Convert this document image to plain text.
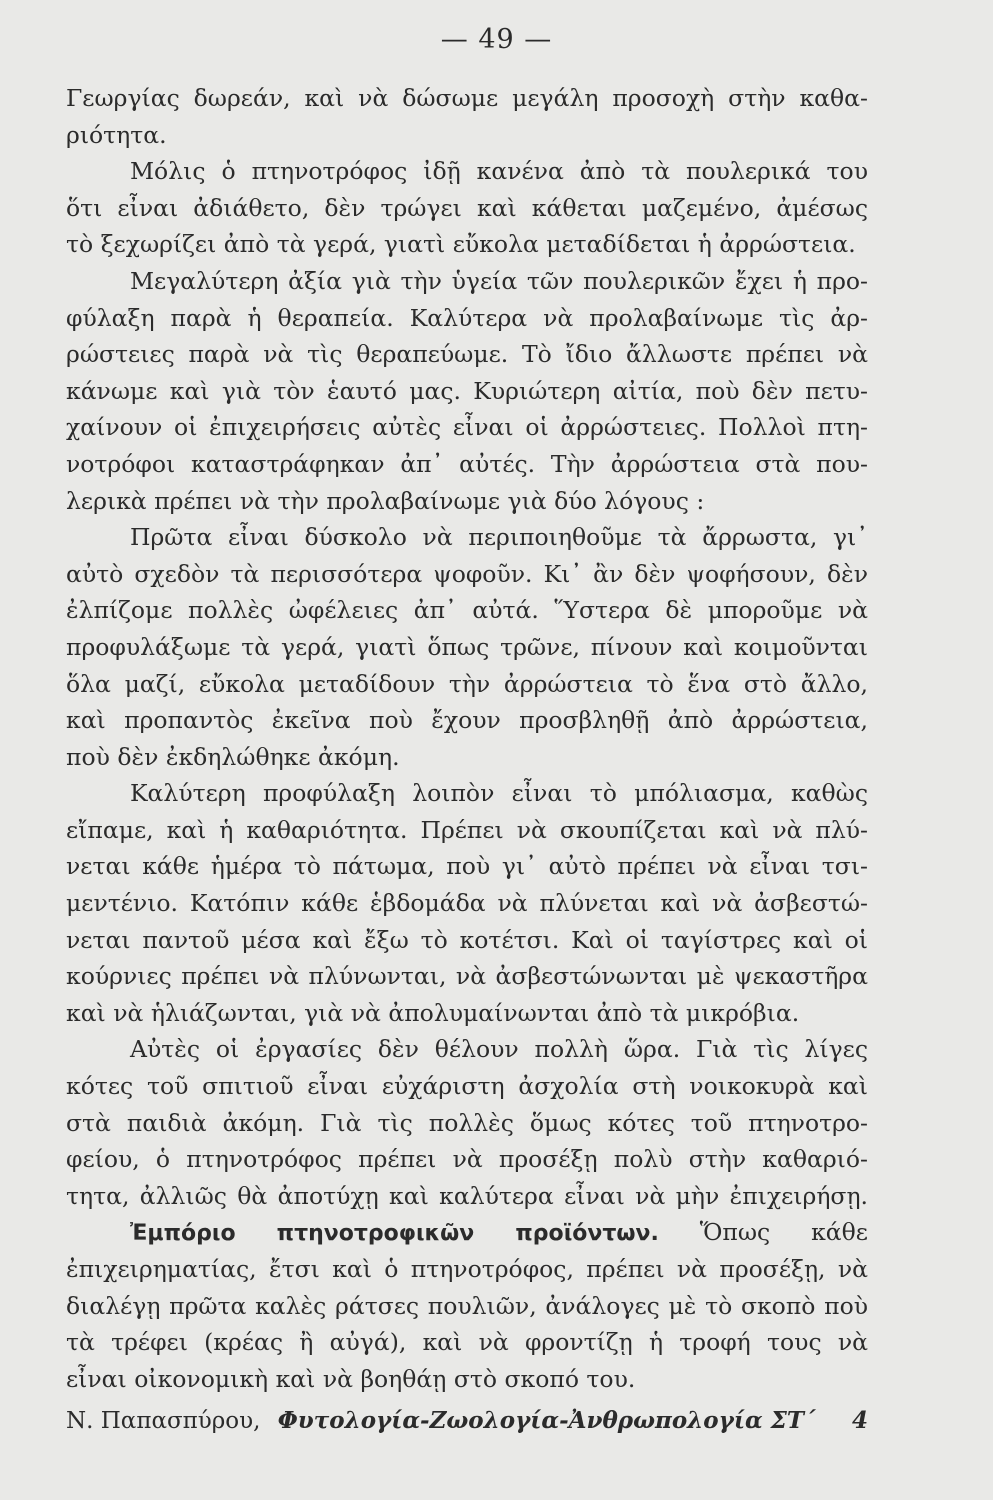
— 49 —
Γεωργίας δωρεάν, καὶ νὰ δώσωμε μεγάλη προσοχὴ στὴν καθα-
ριότητα.
Μόλις ὁ πτηνοτρόφος ἰδῇ κανένα ἀπὸ τὰ πουλερικά του
ὅτι εἶναι ἀδιάθετο, δὲν τρώγει καὶ κάθεται μαζεμένο, ἀμέσως
τὸ ξεχωρίζει ἀπὸ τὰ γερά, γιατὶ εὔκολα μεταδίδεται ἡ ἀρρώστεια.
Μεγαλύτερη ἀξία γιὰ τὴν ὑγεία τῶν πουλερικῶν ἔχει ἡ προ-
φύλαξη παρὰ ἡ θεραπεία. Καλύτερα νὰ προλαβαίνωμε τὶς ἀρ-
ρώστειες παρὰ νὰ τὶς θεραπεύωμε. Τὸ ἴδιο ἄλλωστε πρέπει νὰ
κάνωμε καὶ γιὰ τὸν ἑαυτό μας. Κυριώτερη αἰτία, ποὺ δὲν πετυ-
χαίνουν οἱ ἐπιχειρήσεις αὐτὲς εἶναι οἱ ἀρρώστειες. Πολλοὶ πτη-
νοτρόφοι καταστράφηκαν ἀπ᾿ αὐτές. Τὴν ἀρρώστεια στὰ που-
λερικὰ πρέπει νὰ τὴν προλαβαίνωμε γιὰ δύο λόγους :
Πρῶτα εἶναι δύσκολο νὰ περιποιηθοῦμε τὰ ἄρρωστα, γι᾿
αὐτὸ σχεδὸν τὰ περισσότερα ψοφοῦν. Κι᾿ ἂν δὲν ψοφήσουν, δὲν
ἐλπίζομε πολλὲς ὠφέλειες ἀπ᾿ αὐτά. Ὕστερα δὲ μποροῦμε νὰ
προφυλάξωμε τὰ γερά, γιατὶ ὅπως τρῶνε, πίνουν καὶ κοιμοῦνται
ὅλα μαζί, εὔκολα μεταδίδουν τὴν ἀρρώστεια τὸ ἕνα στὸ ἄλλο,
καὶ προπαντὸς ἐκεῖνα ποὺ ἔχουν προσβληθῇ ἀπὸ ἀρρώστεια,
ποὺ δὲν ἐκδηλώθηκε ἀκόμη.
Καλύτερη προφύλαξη λοιπὸν εἶναι τὸ μπόλιασμα, καθὼς
εἴπαμε, καὶ ἡ καθαριότητα. Πρέπει νὰ σκουπίζεται καὶ νὰ πλύ-
νεται κάθε ἡμέρα τὸ πάτωμα, ποὺ γι᾿ αὐτὸ πρέπει νὰ εἶναι τσι-
μεντένιο. Κατόπιν κάθε ἑβδομάδα νὰ πλύνεται καὶ νὰ ἀσβεστώ-
νεται παντοῦ μέσα καὶ ἔξω τὸ κοτέτσι. Καὶ οἱ ταγίστρες καὶ οἱ
κούρνιες πρέπει νὰ πλύνωνται, νὰ ἀσβεστώνωνται μὲ ψεκαστῆρα
καὶ νὰ ἡλιάζωνται, γιὰ νὰ ἀπολυμαίνωνται ἀπὸ τὰ μικρόβια.
Αὐτὲς οἱ ἐργασίες δὲν θέλουν πολλὴ ὥρα. Γιὰ τὶς λίγες
κότες τοῦ σπιτιοῦ εἶναι εὐχάριστη ἀσχολία στὴ νοικοκυρὰ καὶ
στὰ παιδιὰ ἀκόμη. Γιὰ τὶς πολλὲς ὅμως κότες τοῦ πτηνοτρο-
φείου, ὁ πτηνοτρόφος πρέπει νὰ προσέξῃ πολὺ στὴν καθαριό-
τητα, ἀλλιῶς θὰ ἀποτύχῃ καὶ καλύτερα εἶναι νὰ μὴν ἐπιχειρήσῃ.
Ἐμπόριο πτηνοτροφικῶν προϊόντων. Ὅπως κάθε
ἐπιχειρηματίας, ἔτσι καὶ ὁ πτηνοτρόφος, πρέπει νὰ προσέξῃ, νὰ
διαλέγῃ πρῶτα καλὲς ράτσες πουλιῶν, ἀνάλογες μὲ τὸ σκοπὸ ποὺ
τὰ τρέφει (κρέας ἢ αὐγά), καὶ νὰ φροντίζῃ ἡ τροφή τους νὰ
εἶναι οἰκονομικὴ καὶ νὰ βοηθάῃ στὸ σκοπό του.
Ν. Παπασπύρου, Φυτολογία-Ζωολογία-Ἀνθρωπολογία ΣΤ΄ 4
